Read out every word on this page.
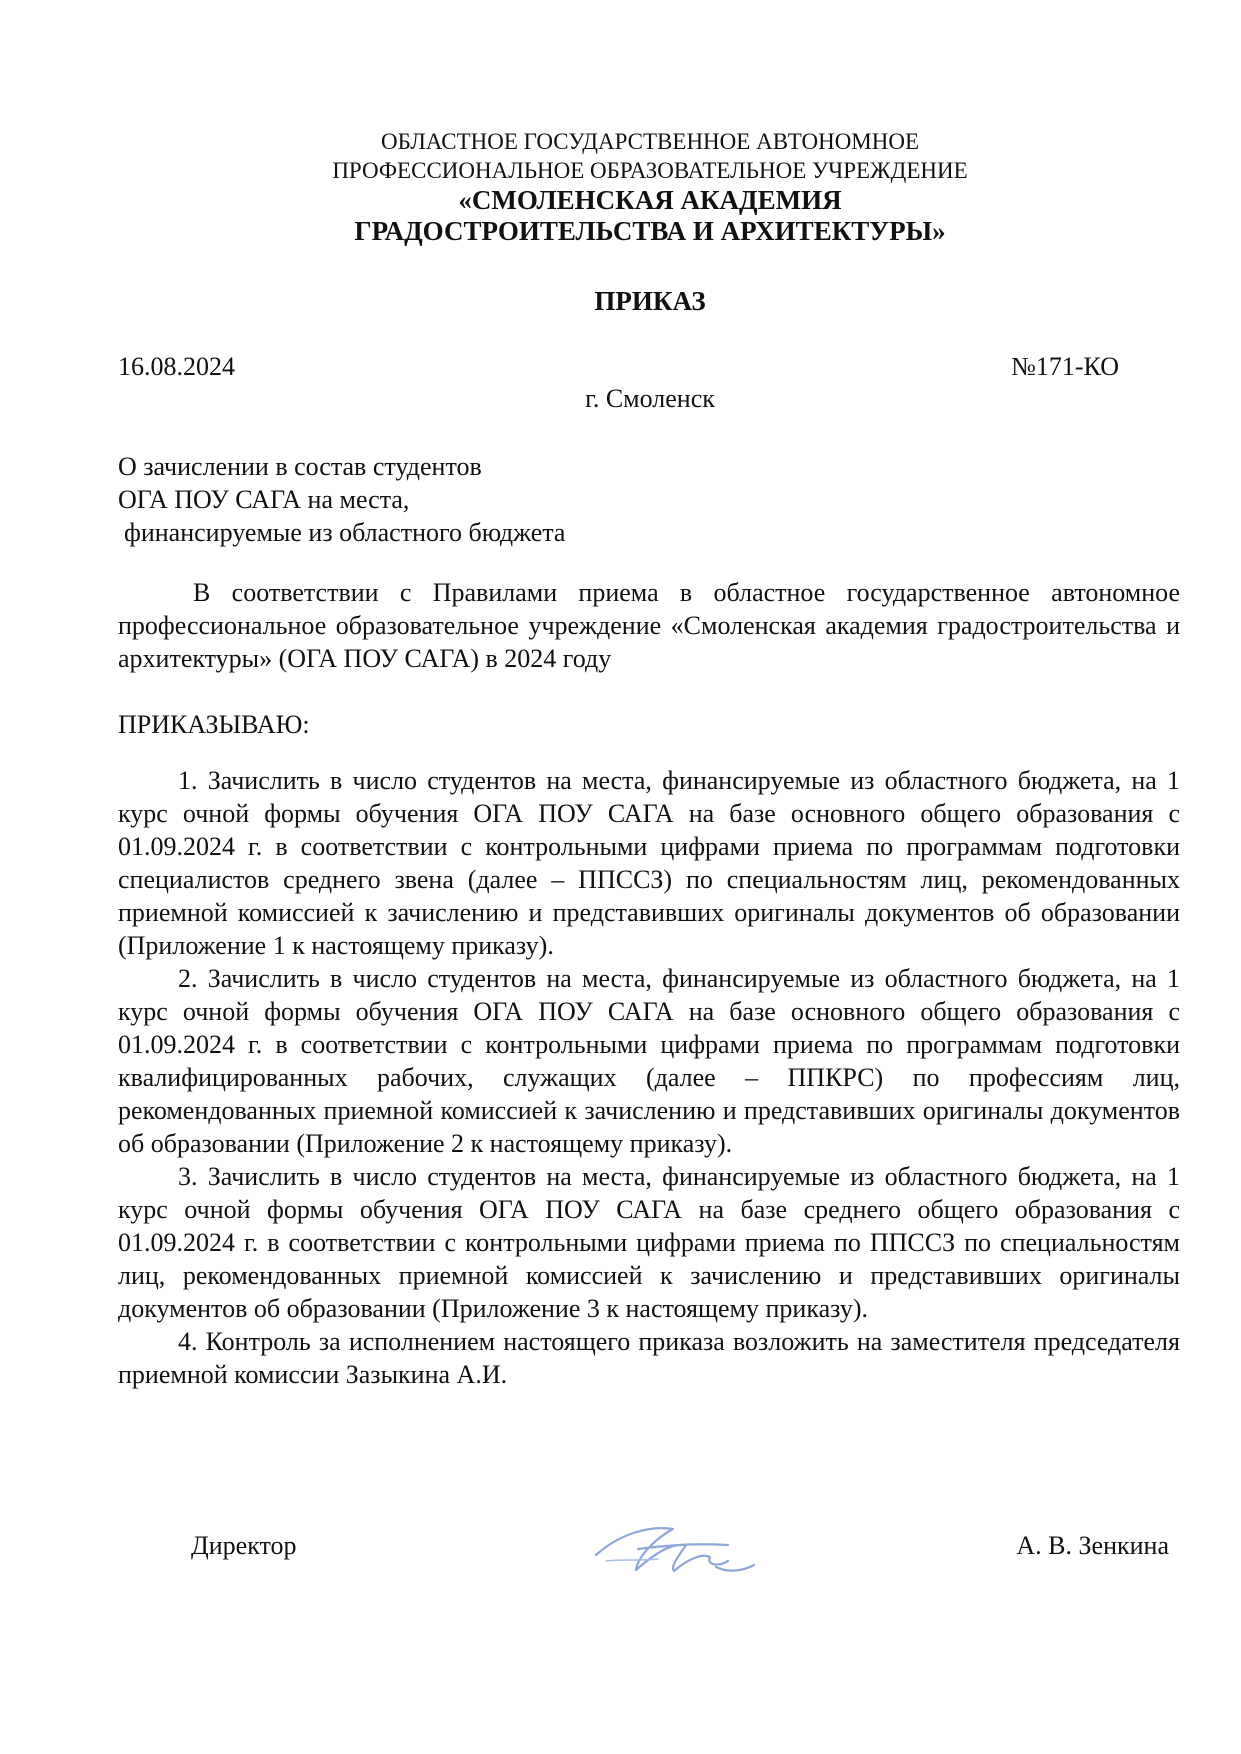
ОБЛАСТНОЕ ГОСУДАРСТВЕННОЕ АВТОНОМНОЕ
ПРОФЕССИОНАЛЬНОЕ ОБРАЗОВАТЕЛЬНОЕ УЧРЕЖДЕНИЕ
«СМОЛЕНСКАЯ АКАДЕМИЯ
ГРАДОСТРОИТЕЛЬСТВА И АРХИТЕКТУРЫ»
ПРИКАЗ
16.08.2024	№171-КО
г. Смоленск
О зачислении в состав студентов
ОГА ПОУ САГА на места,
финансируемые из областного бюджета
В соответствии с Правилами приема в областное государственное автономное профессиональное образовательное учреждение «Смоленская академия градостроительства и архитектуры» (ОГА ПОУ САГА) в 2024 году
ПРИКАЗЫВАЮ:

1. Зачислить в число студентов на места, финансируемые из областного бюджета, на 1 курс очной формы обучения ОГА ПОУ САГА на базе основного общего образования с 01.09.2024 г. в соответствии с контрольными цифрами приема по программам подготовки специалистов среднего звена (далее – ППССЗ) по специальностям лиц, рекомендованных приемной комиссией к зачислению и представивших оригиналы документов об образовании (Приложение 1 к настоящему приказу).

2. Зачислить в число студентов на места, финансируемые из областного бюджета, на 1 курс очной формы обучения ОГА ПОУ САГА на базе основного общего образования с 01.09.2024 г. в соответствии с контрольными цифрами приема по программам подготовки квалифицированных рабочих, служащих (далее – ППКРС) по профессиям лиц, рекомендованных приемной комиссией к зачислению и представивших оригиналы документов об образовании (Приложение 2 к настоящему приказу).

3. Зачислить в число студентов на места, финансируемые из областного бюджета, на 1 курс очной формы обучения ОГА ПОУ САГА на базе среднего общего образования с 01.09.2024 г. в соответствии с контрольными цифрами приема по ППССЗ по специальностям лиц, рекомендованных приемной комиссией к зачислению и представивших оригиналы документов об образовании (Приложение 3 к настоящему приказу).

4. Контроль за исполнением настоящего приказа возложить на заместителя председателя приемной комиссии Зазыкина А.И.

Директор	А. В. Зенкина
